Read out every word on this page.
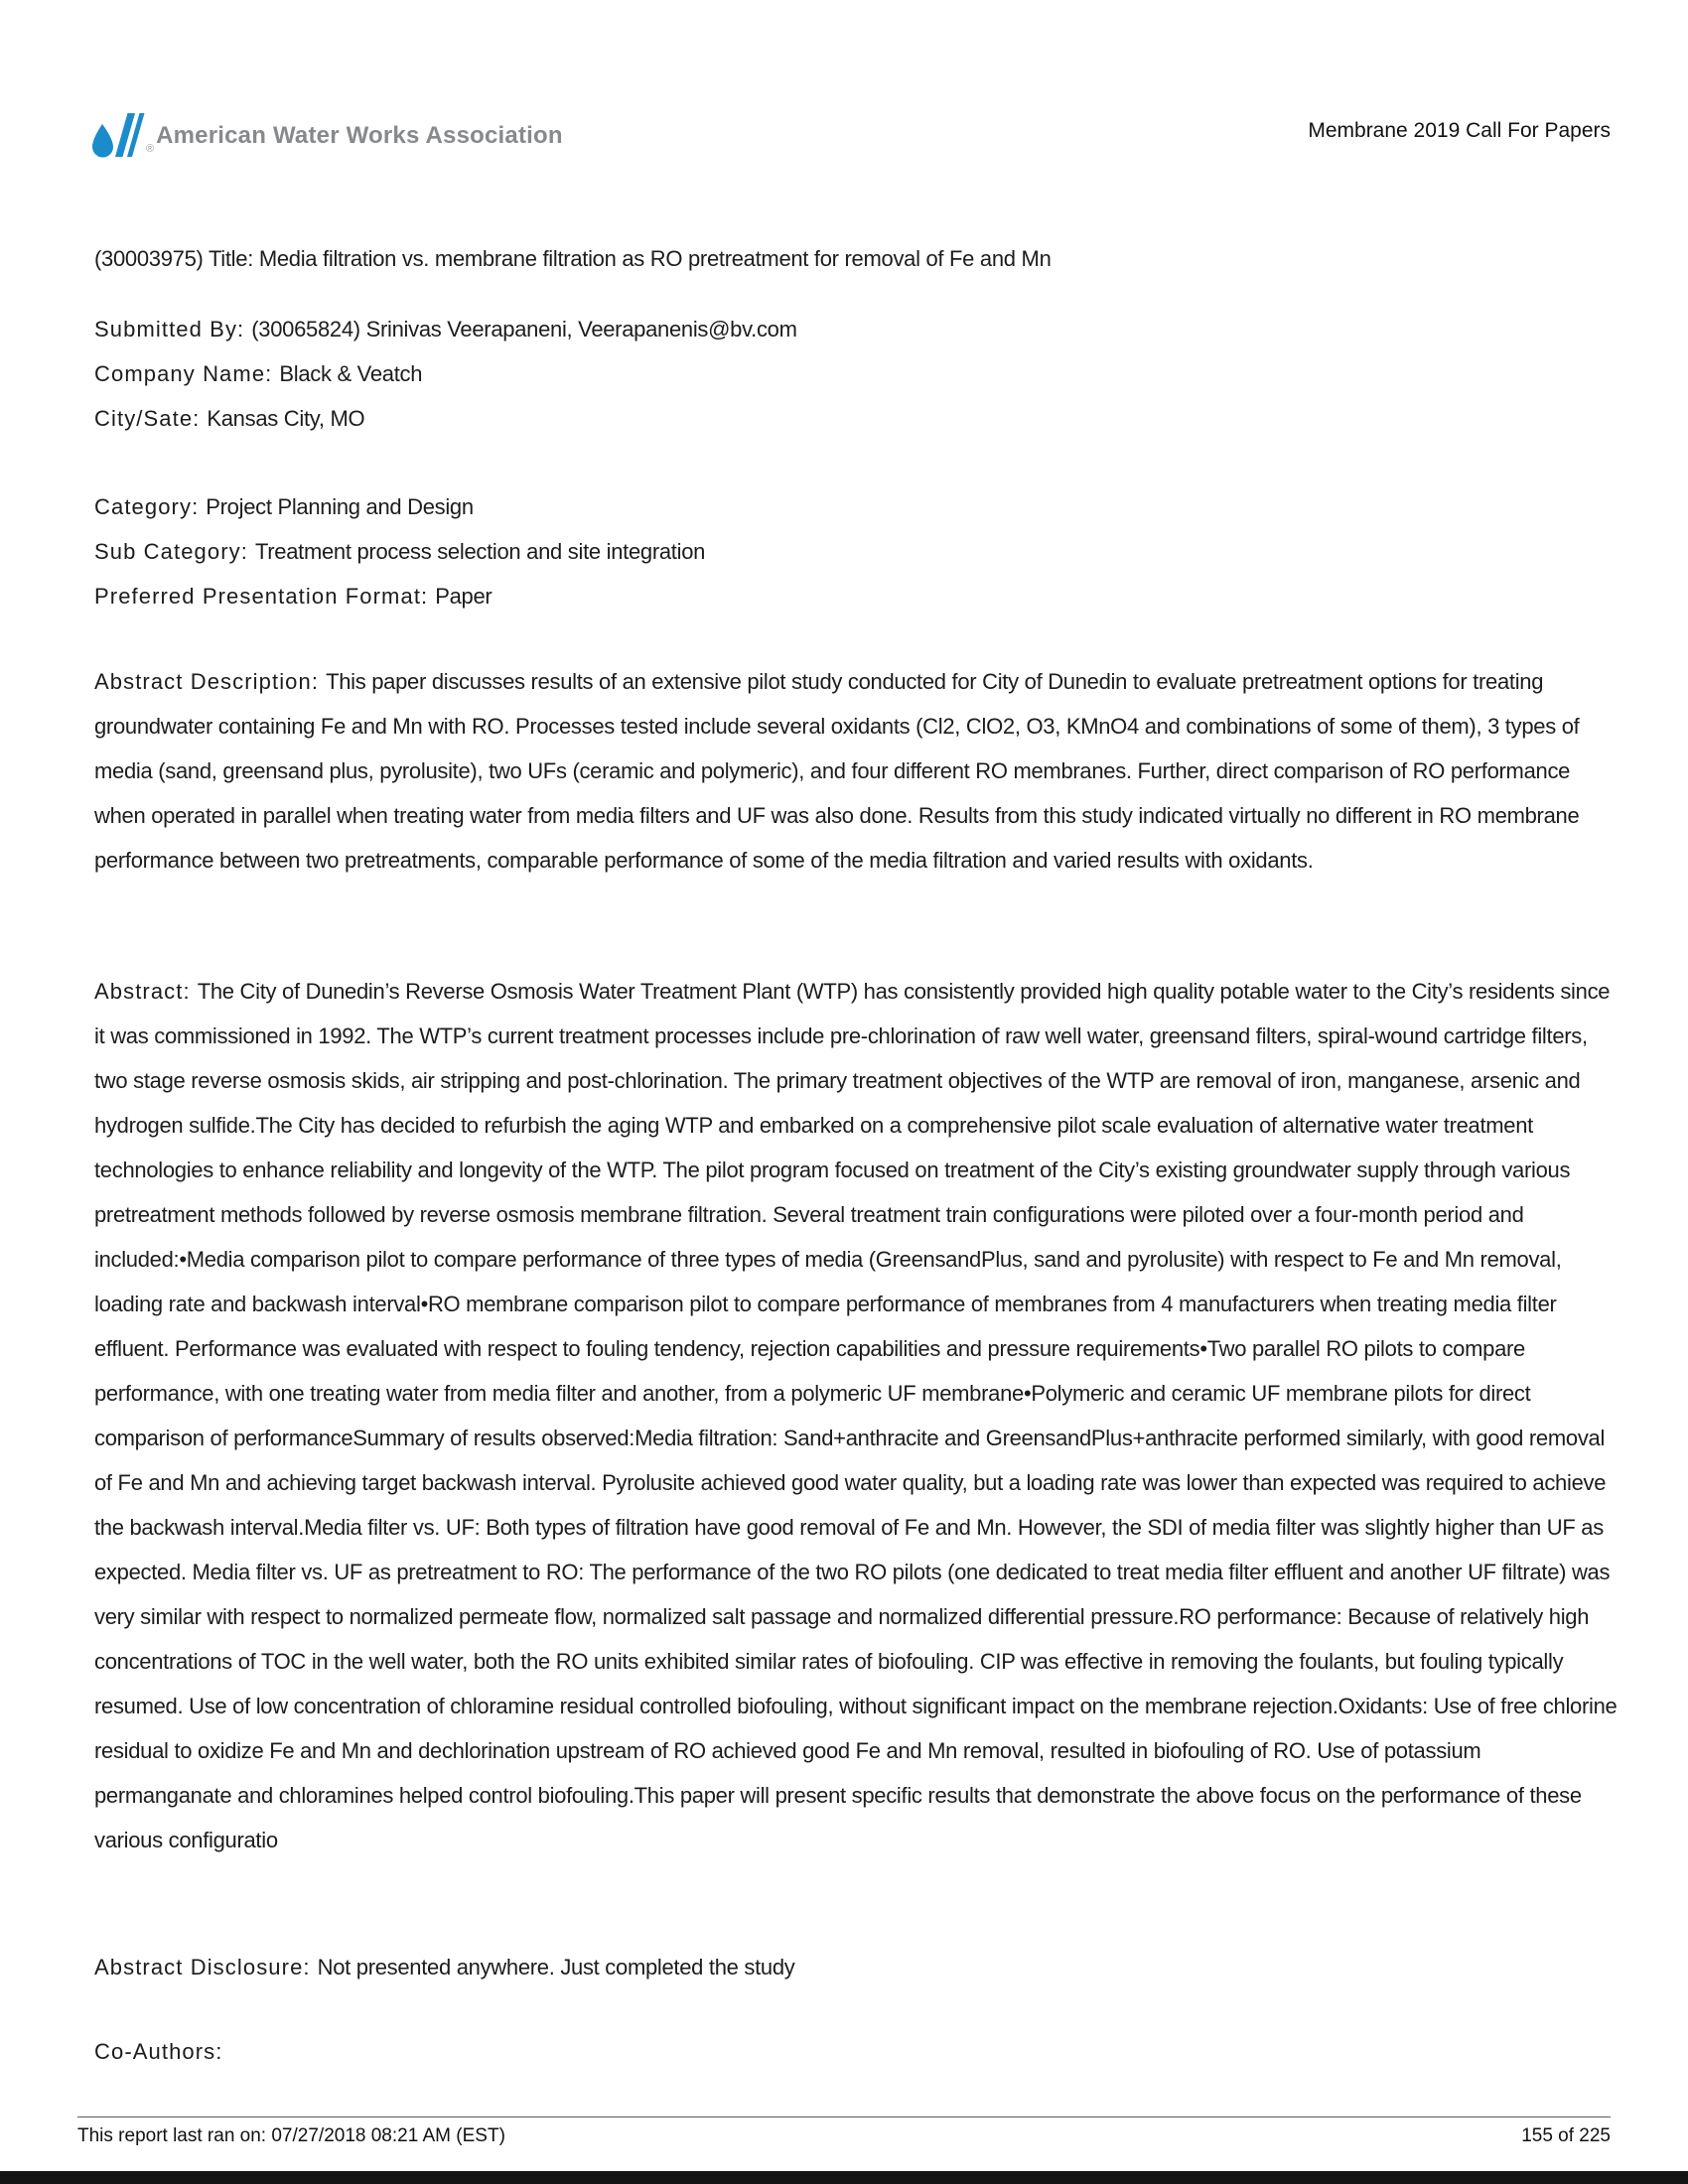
® American Water Works Association	Membrane 2019 Call For Papers

(30003975) Title: Media filtration vs. membrane filtration as RO pretreatment for removal of Fe and Mn

Submitted By: (30065824) Srinivas Veerapaneni, Veerapanenis@bv.com

Company Name: Black & Veatch

City/Sate: Kansas City, MO

Category: Project Planning and Design

Sub Category: Treatment process selection and site integration

Preferred Presentation Format: Paper

Abstract Description: This paper discusses results of an extensive pilot study conducted for City of Dunedin to evaluate pretreatment options for treating groundwater containing Fe and Mn with RO. Processes tested include several oxidants (Cl2, ClO2, O3, KMnO4 and combinations of some of them), 3 types of media (sand, greensand plus, pyrolusite), two UFs (ceramic and polymeric), and four different RO membranes. Further, direct comparison of RO performance when operated in parallel when treating water from media filters and UF was also done. Results from this study indicated virtually no different in RO membrane performance between two pretreatments, comparable performance of some of the media filtration and varied results with oxidants.
Abstract: The City of Dunedin’s Reverse Osmosis Water Treatment Plant (WTP) has consistently provided high quality potable water to the City’s residents since it was commissioned in 1992. The WTP’s current treatment processes include pre-chlorination of raw well water, greensand filters, spiral-wound cartridge filters, two stage reverse osmosis skids, air stripping and post-chlorination. The primary treatment objectives of the WTP are removal of iron, manganese, arsenic and hydrogen sulfide.The City has decided to refurbish the aging WTP and embarked on a comprehensive pilot scale evaluation of alternative water treatment technologies to enhance reliability and longevity of the WTP. The pilot program focused on treatment of the City’s existing groundwater supply through various pretreatment methods followed by reverse osmosis membrane filtration. Several treatment train configurations were piloted over a four-month period and included:•Media comparison pilot to compare performance of three types of media (GreensandPlus, sand and pyrolusite) with respect to Fe and Mn removal, loading rate and backwash interval•RO membrane comparison pilot to compare performance of membranes from 4 manufacturers when treating media filter effluent. Performance was evaluated with respect to fouling tendency, rejection capabilities and pressure requirements•Two parallel RO pilots to compare performance, with one treating water from media filter and another, from a polymeric UF membrane•Polymeric and ceramic UF membrane pilots for direct comparison of performanceSummary of results observed:Media filtration: Sand+anthracite and GreensandPlus+anthracite performed similarly, with good removal of Fe and Mn and achieving target backwash interval. Pyrolusite achieved good water quality, but a loading rate was lower than expected was required to achieve the backwash interval.Media filter vs. UF: Both types of filtration have good removal of Fe and Mn. However, the SDI of media filter was slightly higher than UF as expected. Media filter vs. UF as pretreatment to RO: The performance of the two RO pilots (one dedicated to treat media filter effluent and another UF filtrate) was very similar with respect to normalized permeate flow, normalized salt passage and normalized differential pressure.RO performance: Because of relatively high concentrations of TOC in the well water, both the RO units exhibited similar rates of biofouling. CIP was effective in removing the foulants, but fouling typically resumed. Use of low concentration of chloramine residual controlled biofouling, without significant impact on the membrane rejection.Oxidants: Use of free chlorine residual to oxidize Fe and Mn and dechlorination upstream of RO achieved good Fe and Mn removal, resulted in biofouling of RO. Use of potassium permanganate and chloramines helped control biofouling.This paper will present specific results that demonstrate the above focus on the performance of these various configuratio

Abstract Disclosure: Not presented anywhere. Just completed the study

Co-Authors:

This report last ran on: 07/27/2018 08:21 AM (EST)	155 of 225
